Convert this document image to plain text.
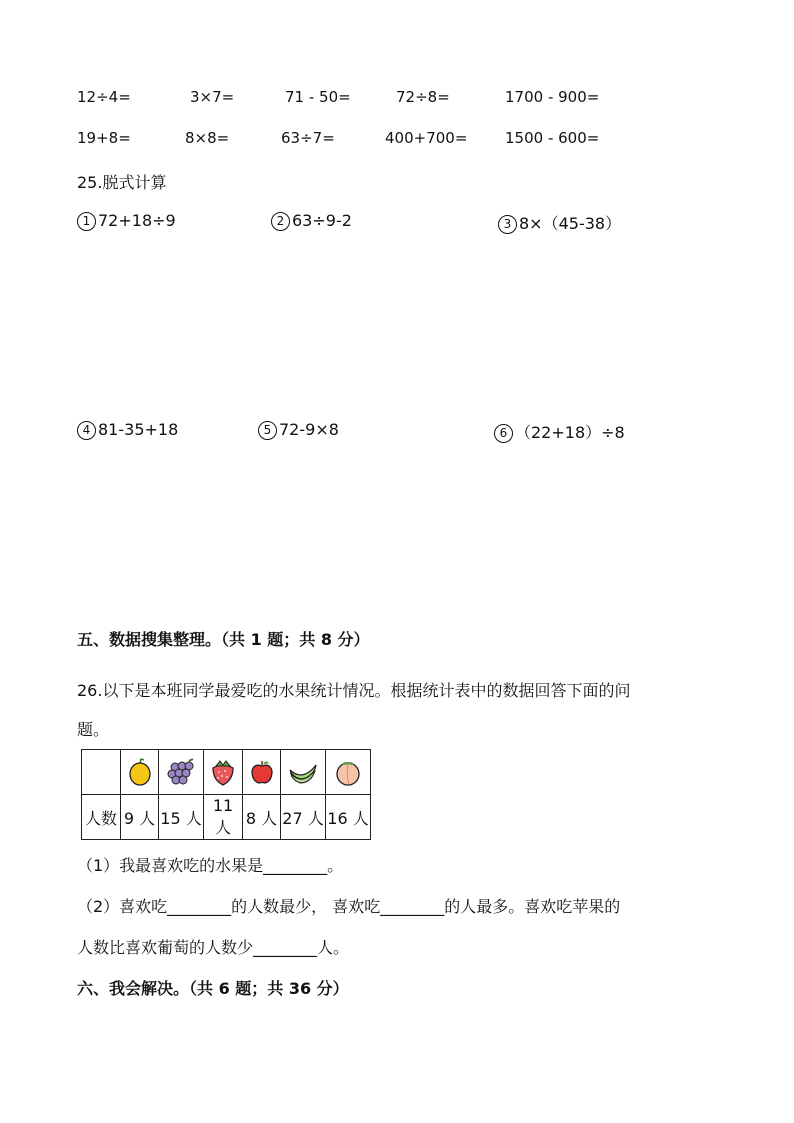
12÷4=	3×7=	71 - 50=	72÷8=	1700 - 900=
19+8=	8×8=	63÷7=	400+700=	1500 - 600=
25.脱式计算
1 72+18÷9	2 63÷9-2	3 8×（45-38）
4 81-35+18	5 72-9×8	6 （22+18）÷8
五、数据搜集整理。（共 1 题；共 8 分）
26.以下是本班同学最爱吃的水果统计情况。根据统计表中的数据回答下面的问
题。

人数	9 人	15 人	11 人	8 人	27 人	16 人
（1）我最喜欢吃的水果是________。
（2）喜欢吃________的人数最少， 喜欢吃________的人最多。喜欢吃苹果的
人数比喜欢葡萄的人数少________人。
六、我会解决。（共 6 题；共 36 分）
